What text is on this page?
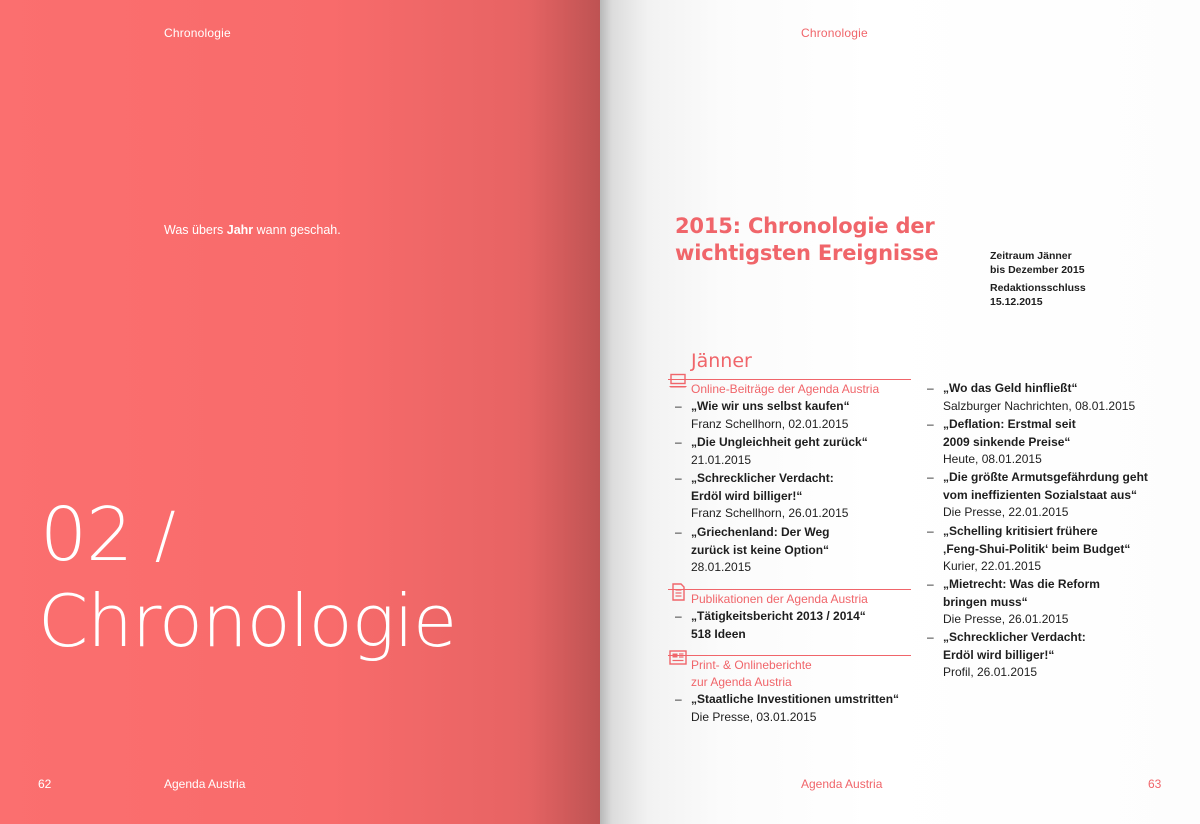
Chronologie
Was übers Jahr wann geschah.
02 /
Chronologie
62	Agenda Austria
Chronologie
2015: Chronologie der
wichtigsten Ereignisse	Zeitraum Jänner
bis Dezember 2015
Redaktionsschluss
15.12.2015
Jänner
Online-Beiträge der Agenda Austria
– „Wie wir uns selbst kaufen“
Franz Schellhorn, 02.01.2015
– „Die Ungleichheit geht zurück“
21.01.2015
– „Schrecklicher Verdacht:
Erdöl wird billiger!“
Franz Schellhorn, 26.01.2015
– „Griechenland: Der Weg
zurück ist keine Option“
28.01.2015
Publikationen der Agenda Austria
– „Tätigkeitsbericht 2013 / 2014“
518 Ideen
Print- & Onlineberichte
zur Agenda Austria
– „Staatliche Investitionen umstritten“
Die Presse, 03.01.2015
– „Wo das Geld hinfließt“
Salzburger Nachrichten, 08.01.2015
– „Deflation: Erstmal seit
2009 sinkende Preise“
Heute, 08.01.2015
– „Die größte Armutsgefährdung geht
vom ineffizienten Sozialstaat aus“
Die Presse, 22.01.2015
– „Schelling kritisiert frühere
‚Feng-Shui-Politik‘ beim Budget“
Kurier, 22.01.2015
– „Mietrecht: Was die Reform
bringen muss“
Die Presse, 26.01.2015
– „Schrecklicher Verdacht:
Erdöl wird billiger!“
Profil, 26.01.2015
Agenda Austria	63
